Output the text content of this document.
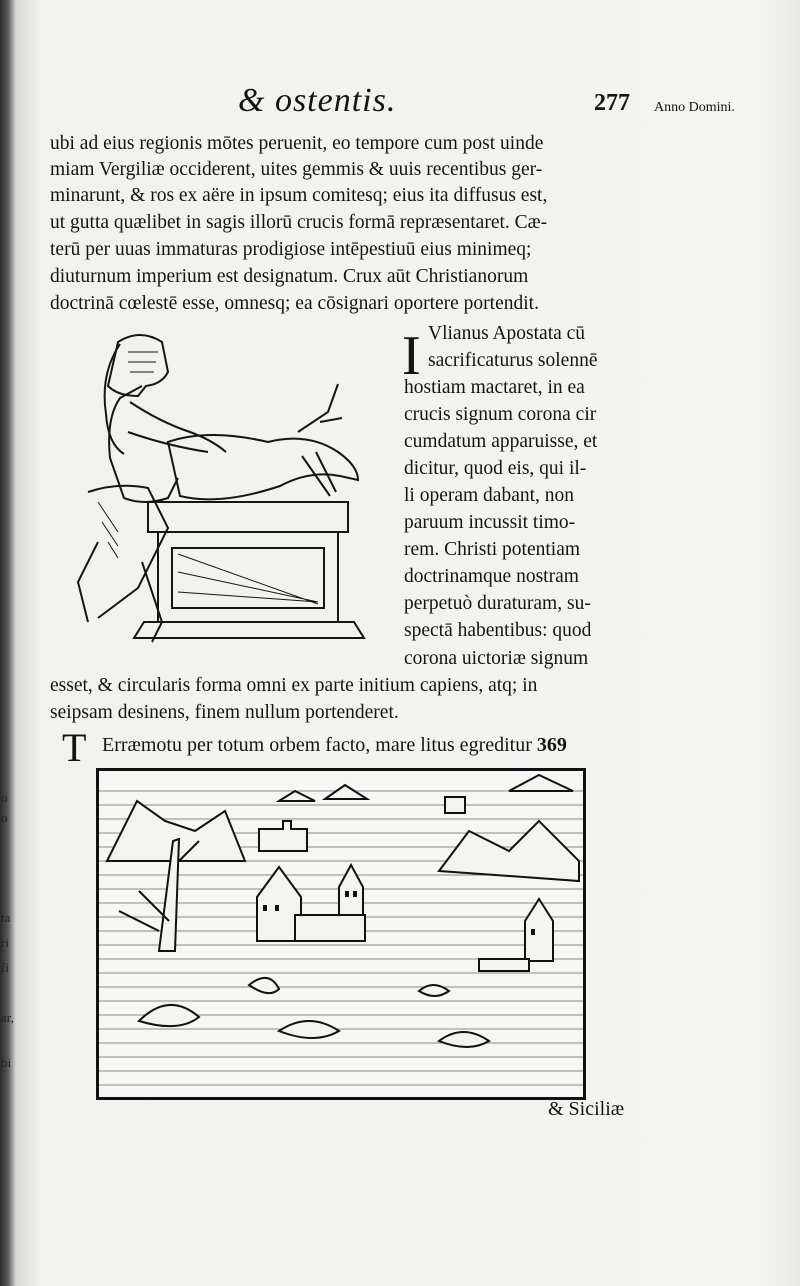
o
o
ta
ri
fi
ar,
bi
& ostentis.	277 Anno Domini.
ubi ad eius regionis mōtes peruenit, eo tempore cum post uinde
miam Vergiliæ occiderent, uites gemmis & uuis recentibus ger-
minarunt, & ros ex aëre in ipsum comitesq; eius ita diffusus est,
ut gutta quælibet in sagis illorū crucis formā repræsentaret. Cæ-
terū per uuas immaturas prodigiose intēpestiuū eius minimeq;
diuturnum imperium est designatum. Crux aūt Christianorum
doctrinā cœlestē esse, omnesq; ea cōsignari oportere portendit.
I Vlianus Apostata cū
sacrificaturus solennē
hostiam mactaret, in ea
crucis signum corona cir
cumdatum apparuisse, et
dicitur, quod eis, qui il-
li operam dabant, non
paruum incussit timo-
rem. Christi potentiam
doctrinamque nostram
perpetuò duraturam, su-
spectā habentibus: quod
corona uictoriæ signum
esset, & circularis forma omni ex parte initium capiens, atq; in
seipsam desinens, finem nullum portenderet.
T Erræmotu per totum orbem facto, mare litus egreditur 369
& Siciliæ
